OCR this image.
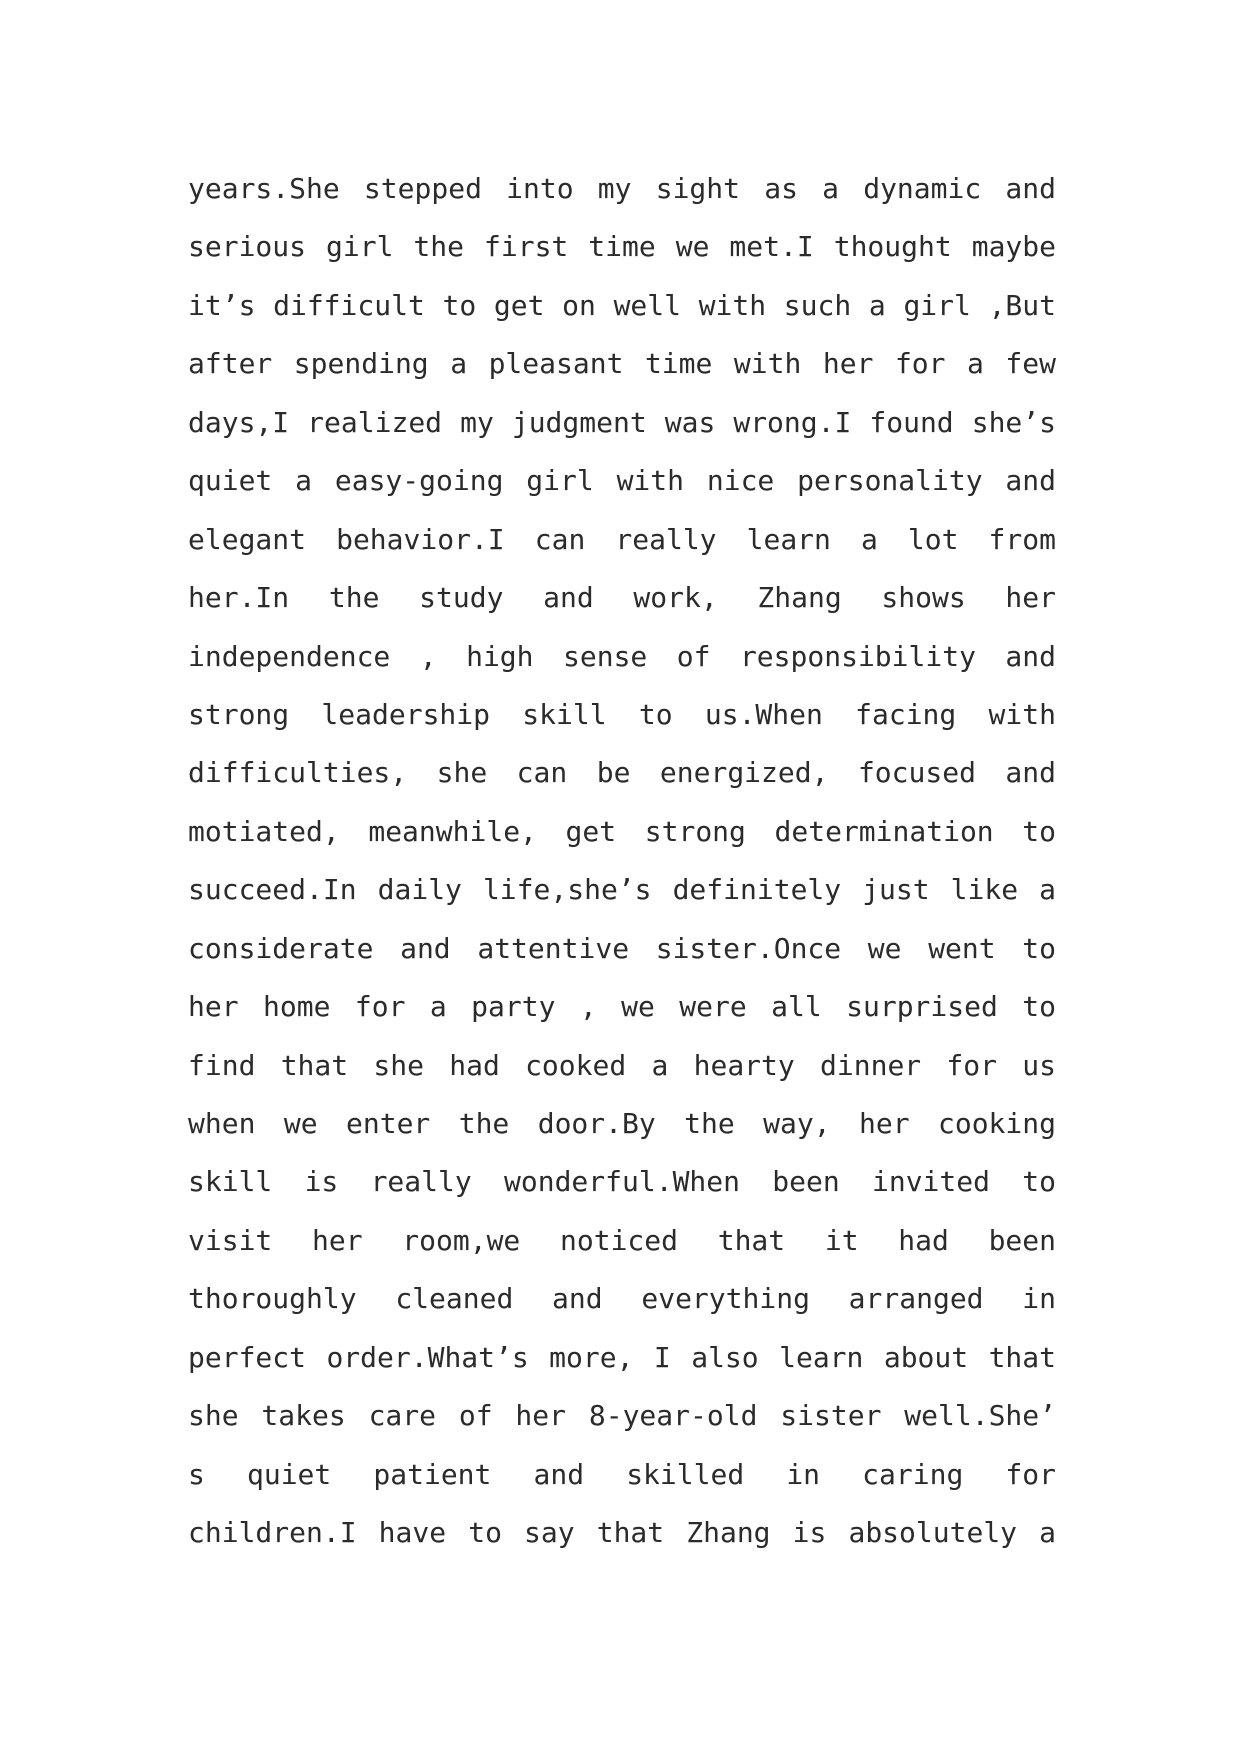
years.She stepped into my sight as a dynamic and
serious girl the first time we met.I thought maybe
it’s difficult to get on well with such a girl ,But
after spending a pleasant time with her for a few
days,I realized my judgment was wrong.I found she’s
quiet a easy-going girl with nice personality and
elegant behavior.I can really learn a lot from
her.In the study and work, Zhang shows her
independence , high sense of responsibility and
strong leadership skill to us.When facing with
difficulties, she can be energized, focused and
motiated, meanwhile, get strong determination to
succeed.In daily life,she’s definitely just like a
considerate and attentive sister.Once we went to
her home for a party , we were all surprised to
find that she had cooked a hearty dinner for us
when we enter the door.By the way, her cooking
skill is really wonderful.When been invited to
visit her room,we noticed that it had been
thoroughly cleaned and everything arranged in
perfect order.What’s more, I also learn about that
she takes care of her 8-year-old sister well.She’
s quiet patient and skilled in caring for
children.I have to say that Zhang is absolutely a
